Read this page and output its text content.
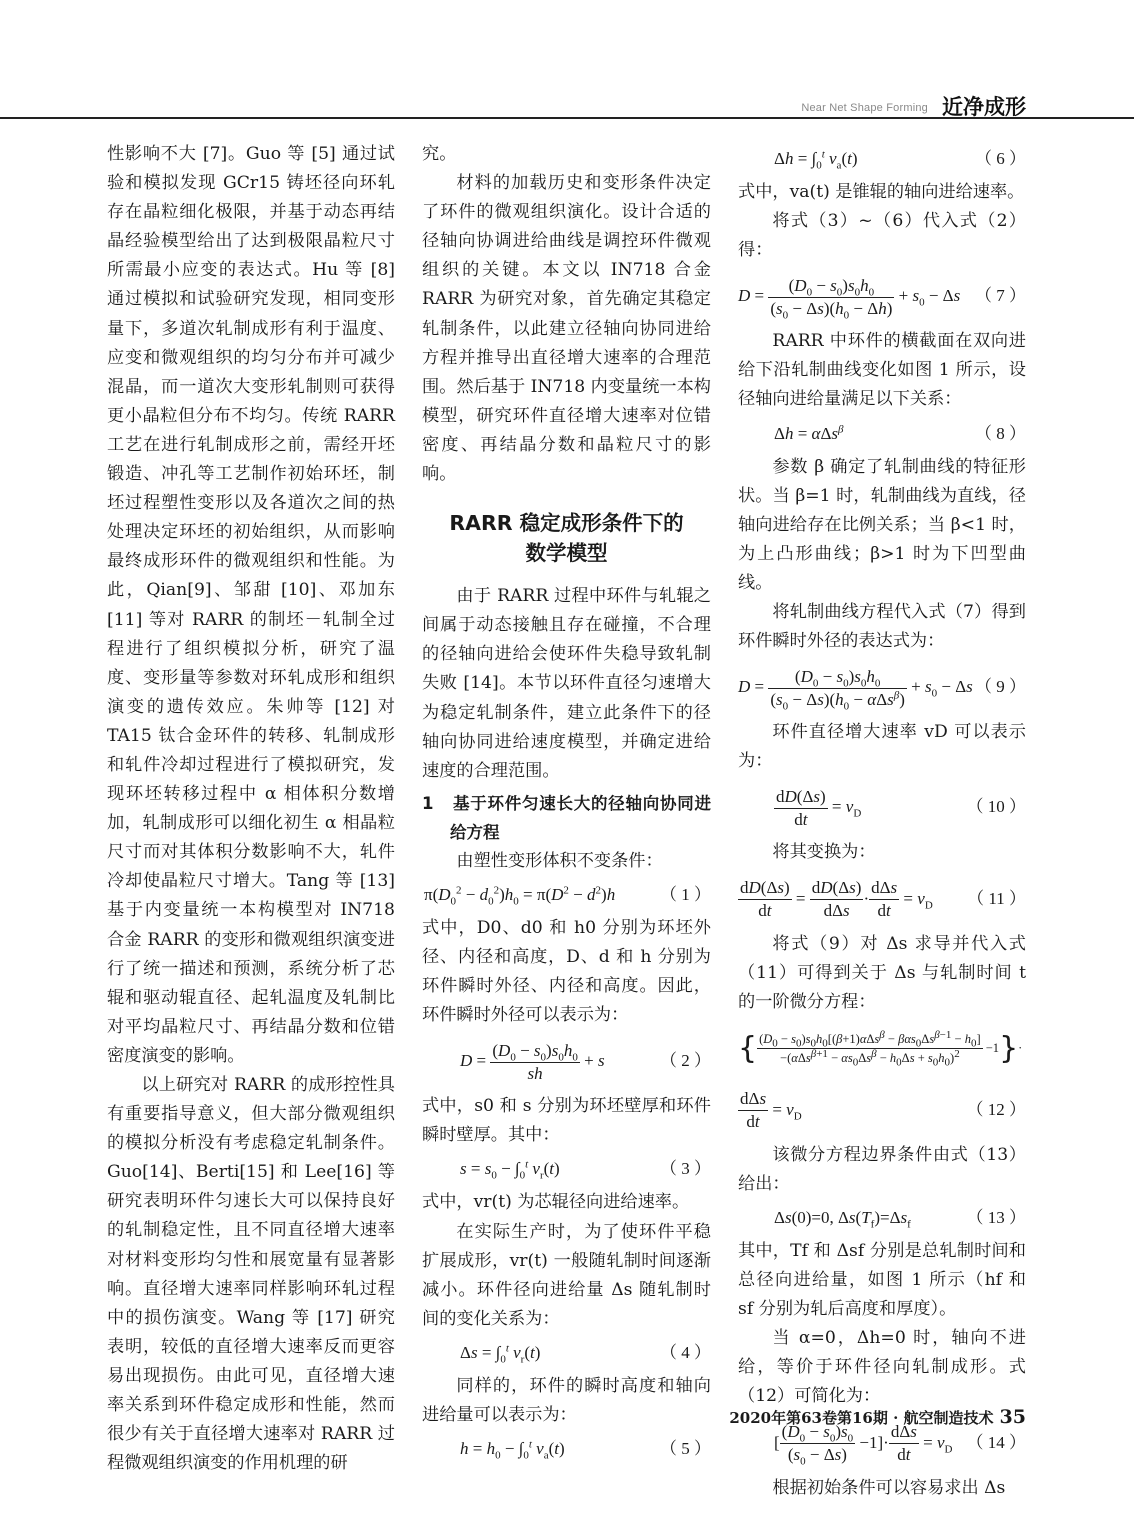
Near Net Shape Forming 近净成形

性影响不大 [7]。Guo 等 [5] 通过试验和模拟发现 GCr15 铸坯径向环轧存在晶粒细化极限，并基于动态再结晶经验模型给出了达到极限晶粒尺寸所需最小应变的表达式。Hu 等 [8] 通过模拟和试验研究发现，相同变形量下，多道次轧制成形有利于温度、应变和微观组织的均匀分布并可减少混晶，而一道次大变形轧制则可获得更小晶粒但分布不均匀。传统 RARR 工艺在进行轧制成形之前，需经开坯锻造、冲孔等工艺制作初始环坯，制坯过程塑性变形以及各道次之间的热处理决定环坯的初始组织，从而影响最终成形环件的微观组织和性能。为此，Qian[9]、邹甜 [10]、邓加东 [11] 等对 RARR 的制坯－轧制全过程进行了组织模拟分析，研究了温度、变形量等参数对环轧成形和组织演变的遗传效应。朱帅等 [12] 对 TA15 钛合金环件的转移、轧制成形和轧件冷却过程进行了模拟研究，发现环坯转移过程中 α 相体积分数增加，轧制成形可以细化初生 α 相晶粒尺寸而对其体积分数影响不大，轧件冷却使晶粒尺寸增大。Tang 等 [13] 基于内变量统一本构模型对 IN718 合金 RARR 的变形和微观组织演变进行了统一描述和预测，系统分析了芯辊和驱动辊直径、起轧温度及轧制比对平均晶粒尺寸、再结晶分数和位错密度演变的影响。

以上研究对 RARR 的成形控性具有重要指导意义，但大部分微观组织的模拟分析没有考虑稳定轧制条件。Guo[14]、Berti[15] 和 Lee[16] 等研究表明环件匀速长大可以保持良好的轧制稳定性，且不同直径增大速率对材料变形均匀性和展宽量有显著影响。直径增大速率同样影响环轧过程中的损伤演变。Wang 等 [17] 研究表明，较低的直径增大速率反而更容易出现损伤。由此可见，直径增大速率关系到环件稳定成形和性能，然而很少有关于直径增大速率对 RARR 过程微观组织演变的作用机理的研

究。

材料的加载历史和变形条件决定了环件的微观组织演化。设计合适的径轴向协调进给曲线是调控环件微观组织的关键。本文以 IN718 合金 RARR 为研究对象，首先确定其稳定轧制条件，以此建立径轴向协同进给方程并推导出直径增大速率的合理范围。然后基于 IN718 内变量统一本构模型，研究环件直径增大速率对位错密度、再结晶分数和晶粒尺寸的影响。

RARR 稳定成形条件下的
数学模型

由于 RARR 过程中环件与轧辊之间属于动态接触且存在碰撞，不合理的径轴向进给会使环件失稳导致轧制失败 [14]。本节以环件直径匀速增大为稳定轧制条件，建立此条件下的径轴向协同进给速度模型，并确定进给速度的合理范围。

1 基于环件匀速长大的径轴向协同进给方程

由塑性变形体积不变条件：

$\pi(D_0^2 - d_0^2)h_0 = \pi(D^2 - d^2)h$	（ 1 ）

式中，D0、d0 和 h0 分别为环坯外径、内径和高度，D、d 和 h 分别为环件瞬时外径、内径和高度。因此，环件瞬时外径可以表示为：

$D = \frac{(D_0 - s_0)s_0h_0}{sh} + s$	（ 2 ）

式中，s0 和 s 分别为环坯壁厚和环件瞬时壁厚。其中：

$s = s_0 - \int_0^t$ $v_r(t)$	（ 3 ）

式中，vr(t) 为芯辊径向进给速率。

在实际生产时，为了使环件平稳扩展成形，vr(t) 一般随轧制时间逐渐减小。环件径向进给量 Δs 随轧制时间的变化关系为：

$\Delta s = \int_0^t$ $v_r(t)$	（ 4 ）

同样的，环件的瞬时高度和轴向进给量可以表示为：

$h = h_0 - \int_0^t$ $v_a(t)$	（ 5 ）
$\Delta h = \int_0^t$ $v_a(t)$	（ 6 ）

式中，va(t) 是锥辊的轴向进给速率。

将式（3）~（6）代入式（2）得：

$D = \frac{(D_0 - s_0)s_0h_0}{(s_0 - \Delta s)(h_0 - \Delta h)} + s_0 - \Delta s$ （ 7 ）

RARR 中环件的横截面在双向进给下沿轧制曲线变化如图 1 所示，设径轴向进给量满足以下关系：

Δh = αΔs$^\beta$	（ 8 ）

参数 β 确定了轧制曲线的特征形状。当 β=1 时，轧制曲线为直线，径轴向进给存在比例关系；当 β<1 时，为上凸形曲线；β>1 时为下凹型曲线。

将轧制曲线方程代入式（7）得到环件瞬时外径的表达式为：

$D = \frac{(D_0 - s_0)s_0h_0}{(s_0 - \Delta s)(h_0 - \alpha\Delta s^\beta)} + s_0 - \Delta s$ （ 9 ）

环件直径增大速率 vD 可以表示为：

$\frac{dD(\Delta s)}{dt} = v_D$	（ 10 ）

将其变换为：

$\frac{dD(\Delta s)}{dt} = \frac{dD(\Delta s)}{\text{dΔs}} \cdot \frac{\text{dΔs}}{dt} = v_D$ （ 11 ）

将式（9）对 Δs 求导并代入式（11）可得到关于 Δs 与轧制时间 t 的一阶微分方程：

{ $\frac{(D_0 - s_0)s_0h_0[(\beta+1)\alpha\Delta s^\beta - \beta\alpha s_0\Delta s^{\beta-1} - h_0]}{-(\alpha\Delta s^{\beta+1} - \alpha s_0\Delta s^\beta - h_0\Delta s + s_0h_0)^2} -1\}\cdot$
$\frac{\text{dΔs}}{dt} = v_D$	（ 12 ）

该微分方程边界条件由式（13）给出：

Δs(0)=0, $\Delta s(T_f)=\Delta s_f$	（ 13 ）

其中，Tf 和 Δsf 分别是总轧制时间和总径向进给量，如图 1 所示（hf 和 sf 分别为轧后高度和厚度）。

当 α=0，Δh=0 时，轴向不进给，等价于环件径向轧制成形。式（12）可简化为：

[ $\frac{(D_0 - s_0)s_0}{(s_0 - \Delta s)} -1]\cdot \frac{\text{dΔs}}{dt} = v_D$ （ 14 ）

根据初始条件可以容易求出 Δs

2020年第63卷第16期 · 航空制造技术 35
